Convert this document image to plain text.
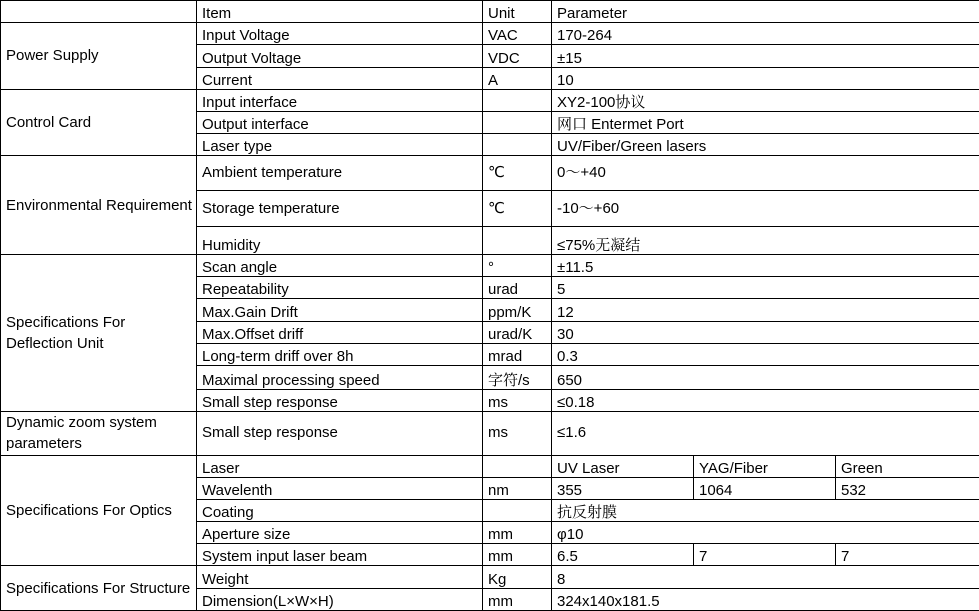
	Item	Unit	Parameter		
Power Supply	Input Voltage	VAC	170-264		
	Output Voltage	VDC	±15		
	Current	A	10		
Control Card	Input interface		XY2-100协议		
	Output interface		网口 Entermet Port		
	Laser type		UV/Fiber/Green lasers		
Environmental Requirement	Ambient temperature	℃	0～+40		
	Storage temperature	℃	-10～+60		
	Humidity		≤75%无凝结		
Specifications For Deflection Unit	Scan angle	°	±11.5		
	Repeatability	urad	5		
	Max.Gain Drift	ppm/K	12		
	Max.Offset driff	urad/K	30		
	Long-term driff over 8h	mrad	0.3		
	Maximal processing speed	字符/s	650		
	Small step response	ms	≤0.18		
Dynamic zoom system parameters	Small step response	ms	≤1.6		
Specifications For Optics	Laser		UV Laser	YAG/Fiber	Green
	Wavelenth	nm	355	1064	532
	Coating		抗反射膜		
	Aperture size	mm	φ10		
	System input laser beam	mm	6.5	7	7
Specifications For Structure	Weight	Kg	8		
	Dimension(L×W×H)	mm	324x140x181.5		
